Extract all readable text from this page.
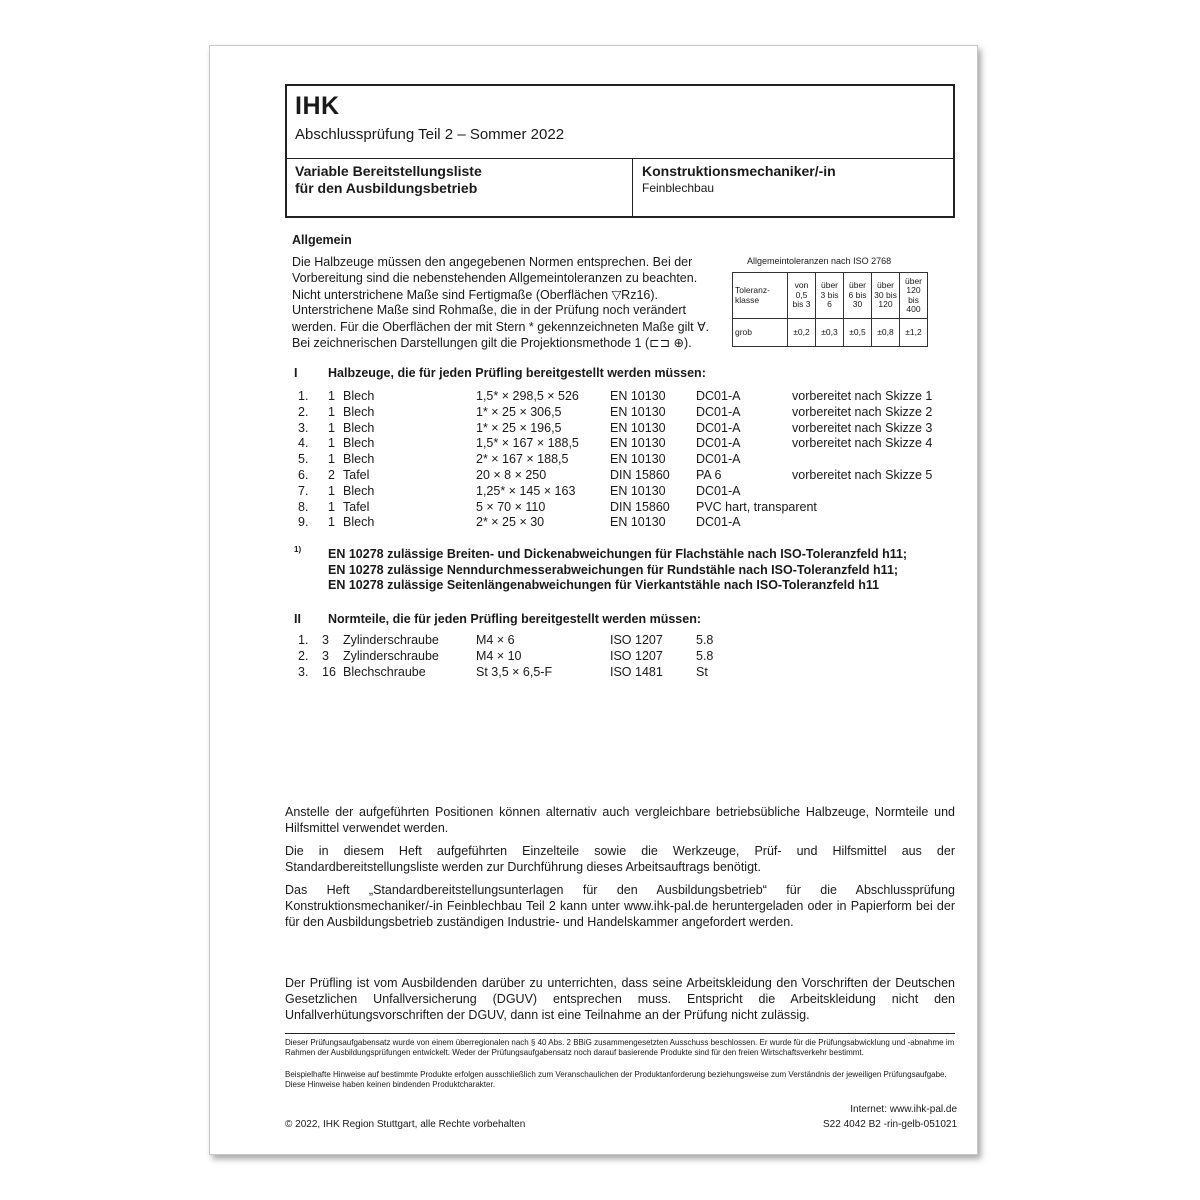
IHK
Abschlussprüfung Teil 2 – Sommer 2022
Variable Bereitstellungsliste
für den Ausbildungsbetrieb
Konstruktionsmechaniker/-in
Feinblechbau
Allgemein
Die Halbzeuge müssen den angegebenen Normen entsprechen. Bei der
Vorbereitung sind die nebenstehenden Allgemeintoleranzen zu beachten.
Nicht unterstrichene Maße sind Fertigmaße (Oberflächen ▽Rz16).
Unterstrichene Maße sind Rohmaße, die in der Prüfung noch verändert
werden. Für die Oberflächen der mit Stern * gekennzeichneten Maße gilt ∀.
Bei zeichnerischen Darstellungen gilt die Projektionsmethode 1 (⊏⊐ ⊕).
Allgemeintoleranzen nach ISO 2768
Toleranz-klasse	von 0,5 bis 3	über 3 bis 6	über 6 bis 30	über 30 bis 120	über 120 bis 400
grob	±0,2	±0,3	±0,5	±0,8	±1,2
I Halbzeuge, die für jeden Prüfling bereitgestellt werden müssen:
1. 1 Blech	1,5* × 298,5 × 526 EN 10130 DC01-A	vorbereitet nach Skizze 1
2. 1 Blech	1* × 25 × 306,5	EN 10130 DC01-A	vorbereitet nach Skizze 2
3. 1 Blech	1* × 25 × 196,5	EN 10130 DC01-A	vorbereitet nach Skizze 3
4. 1 Blech	1,5* × 167 × 188,5 EN 10130 DC01-A	vorbereitet nach Skizze 4
5. 1 Blech	2* × 167 × 188,5	EN 10130 DC01-A
6. 2 Tafel	20 × 8 × 250	DIN 15860 PA 6	vorbereitet nach Skizze 5
7. 1 Blech	1,25* × 145 × 163	EN 10130 DC01-A
8. 1 Tafel	5 × 70 × 110	DIN 15860 PVC hart, transparent
9. 1 Blech	2* × 25 × 30	EN 10130 DC01-A
1) EN 10278 zulässige Breiten- und Dickenabweichungen für Flachstähle nach ISO-Toleranzfeld h11;
EN 10278 zulässige Nenndurchmesserabweichungen für Rundstähle nach ISO-Toleranzfeld h11;
EN 10278 zulässige Seitenlängenabweichungen für Vierkantstähle nach ISO-Toleranzfeld h11
II Normteile, die für jeden Prüfling bereitgestellt werden müssen:
1. 3 Zylinderschraube	M4 × 6	ISO 1207	5.8
2. 3 Zylinderschraube	M4 × 10	ISO 1207	5.8
3. 16 Blechschraube	St 3,5 × 6,5-F	ISO 1481	St
Anstelle der aufgeführten Positionen können alternativ auch vergleichbare betriebsübliche Halbzeuge, Normteile und Hilfsmittel verwendet werden.
Die in diesem Heft aufgeführten Einzelteile sowie die Werkzeuge, Prüf- und Hilfsmittel aus der Standardbereitstellungsliste werden zur Durchführung dieses Arbeitsauftrags benötigt.
Das Heft „Standardbereitstellungsunterlagen für den Ausbildungsbetrieb“ für die Abschlussprüfung Konstruktionsmechaniker/-in Feinblechbau Teil 2 kann unter www.ihk-pal.de heruntergeladen oder in Papierform bei der für den Ausbildungsbetrieb zuständigen Industrie- und Handelskammer angefordert werden.
Der Prüfling ist vom Ausbildenden darüber zu unterrichten, dass seine Arbeitskleidung den Vorschriften der Deutschen Gesetzlichen Unfallversicherung (DGUV) entsprechen muss. Entspricht die Arbeitskleidung nicht den Unfallverhütungsvorschriften der DGUV, dann ist eine Teilnahme an der Prüfung nicht zulässig.
Dieser Prüfungsaufgabensatz wurde von einem überregionalen nach § 40 Abs. 2 BBiG zusammengesetzten Ausschuss beschlossen. Er wurde für die Prüfungsabwicklung und -abnahme im Rahmen der Ausbildungsprüfungen entwickelt. Weder der Prüfungsaufgabensatz noch darauf basierende Produkte sind für den freien Wirtschaftsverkehr bestimmt.
Beispielhafte Hinweise auf bestimmte Produkte erfolgen ausschließlich zum Veranschaulichen der Produktanforderung beziehungsweise zum Verständnis der jeweiligen Prüfungsaufgabe. Diese Hinweise haben keinen bindenden Produktcharakter.
© 2022, IHK Region Stuttgart, alle Rechte vorbehalten
Internet: www.ihk-pal.de
S22 4042 B2 -rin-gelb-051021
